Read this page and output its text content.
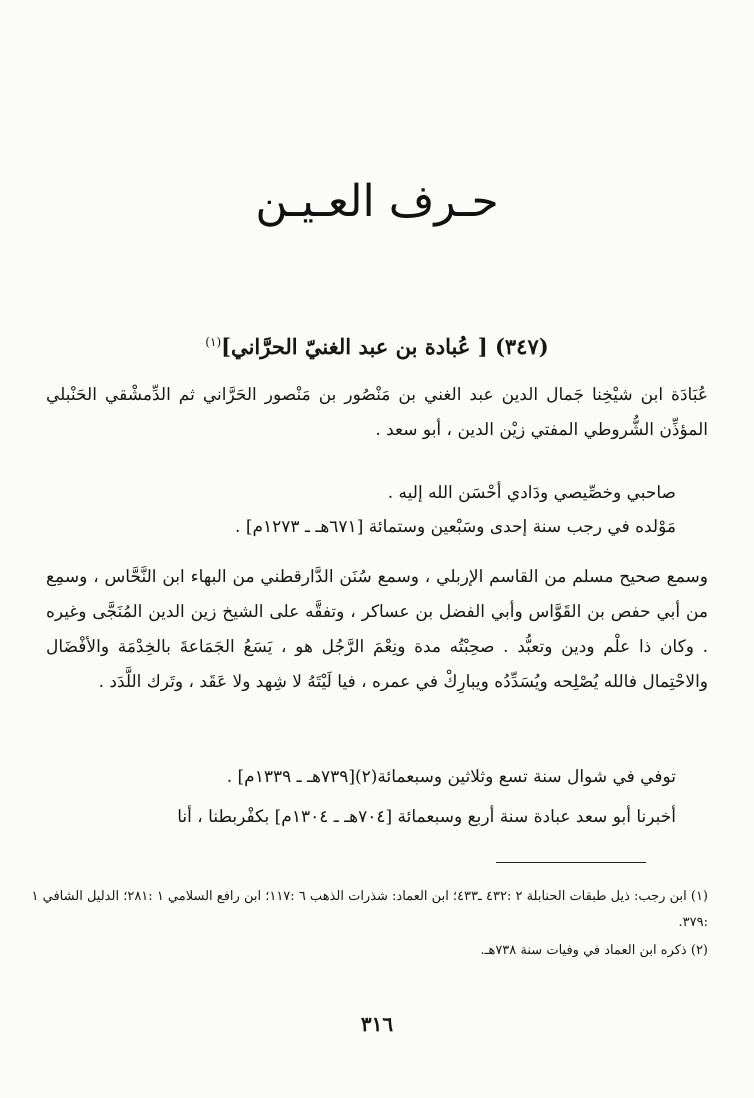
حـرف العـيـن
(٣٤٧) [ عُبادة بن عبد الغنيّ الحرَّاني]$^{(١)}$
عُبَادَة ابن شيْخِنا جَمال الدين عبد الغني بن مَنْصُور بن مَنْصور الحَرَّاني ثم الدِّمشْقي الحَنْبلي المؤذِّن الشُّروطي المفتي زيْن الدين ، أبو سعد .
صاحبي وخصِّيصي ودَادي أحْسَن الله إليه .
مَوْلده في رجب سنة إحدى وسَبْعين وستمائة [٦٧١هـ ـ ١٢٧٣م] .
وسمع صحيح مسلم من القاسم الإربلي ، وسمع سُنَن الدَّارقطني من البهاء ابن النَّحَّاس ، وسمِع من أبي حفص بن القَوَّاس وأبي الفضل بن عساكر ، وتفقَّه على الشيخ زين الدين المُنَجَّى وغيره . وكان ذا علْم ودين وتعبُّد . صحِبْتُه مدة ونِعْمَ الرَّجُل هو ، يَسَعُ الجَمَاعةَ بالخِدْمَة والأفْضَال والاحْتِمال فالله يُصْلِحه ويُسَدِّدُه ويبارِكْ في عمره ، فيا لَيْتَهُ لا شِهد ولا عَقَد ، وتَرك اللَّدَد .
توفي في شوال سنة تسع وثلاثين وسبعمائة(٢)[٧٣٩هـ ـ ١٣٣٩م] .
أخبرنا أبو سعد عبادة سنة أربع وسبعمائة [٧٠٤هـ ـ ١٣٠٤م] بكفْربطنا ، أنا
(١) ابن رجب: ذيل طبقات الحنابلة ٢ :٤٣٢ ـ٤٣٣؛ ابن العماد: شذرات الذهب ٦ :١١٧؛ ابن رافع السلامي ١ :٢٨١؛ الدليل الشافي ١ :٣٧٩.
(٢) ذكره ابن العماد في وفيات سنة ٧٣٨هـ.
٣١٦
